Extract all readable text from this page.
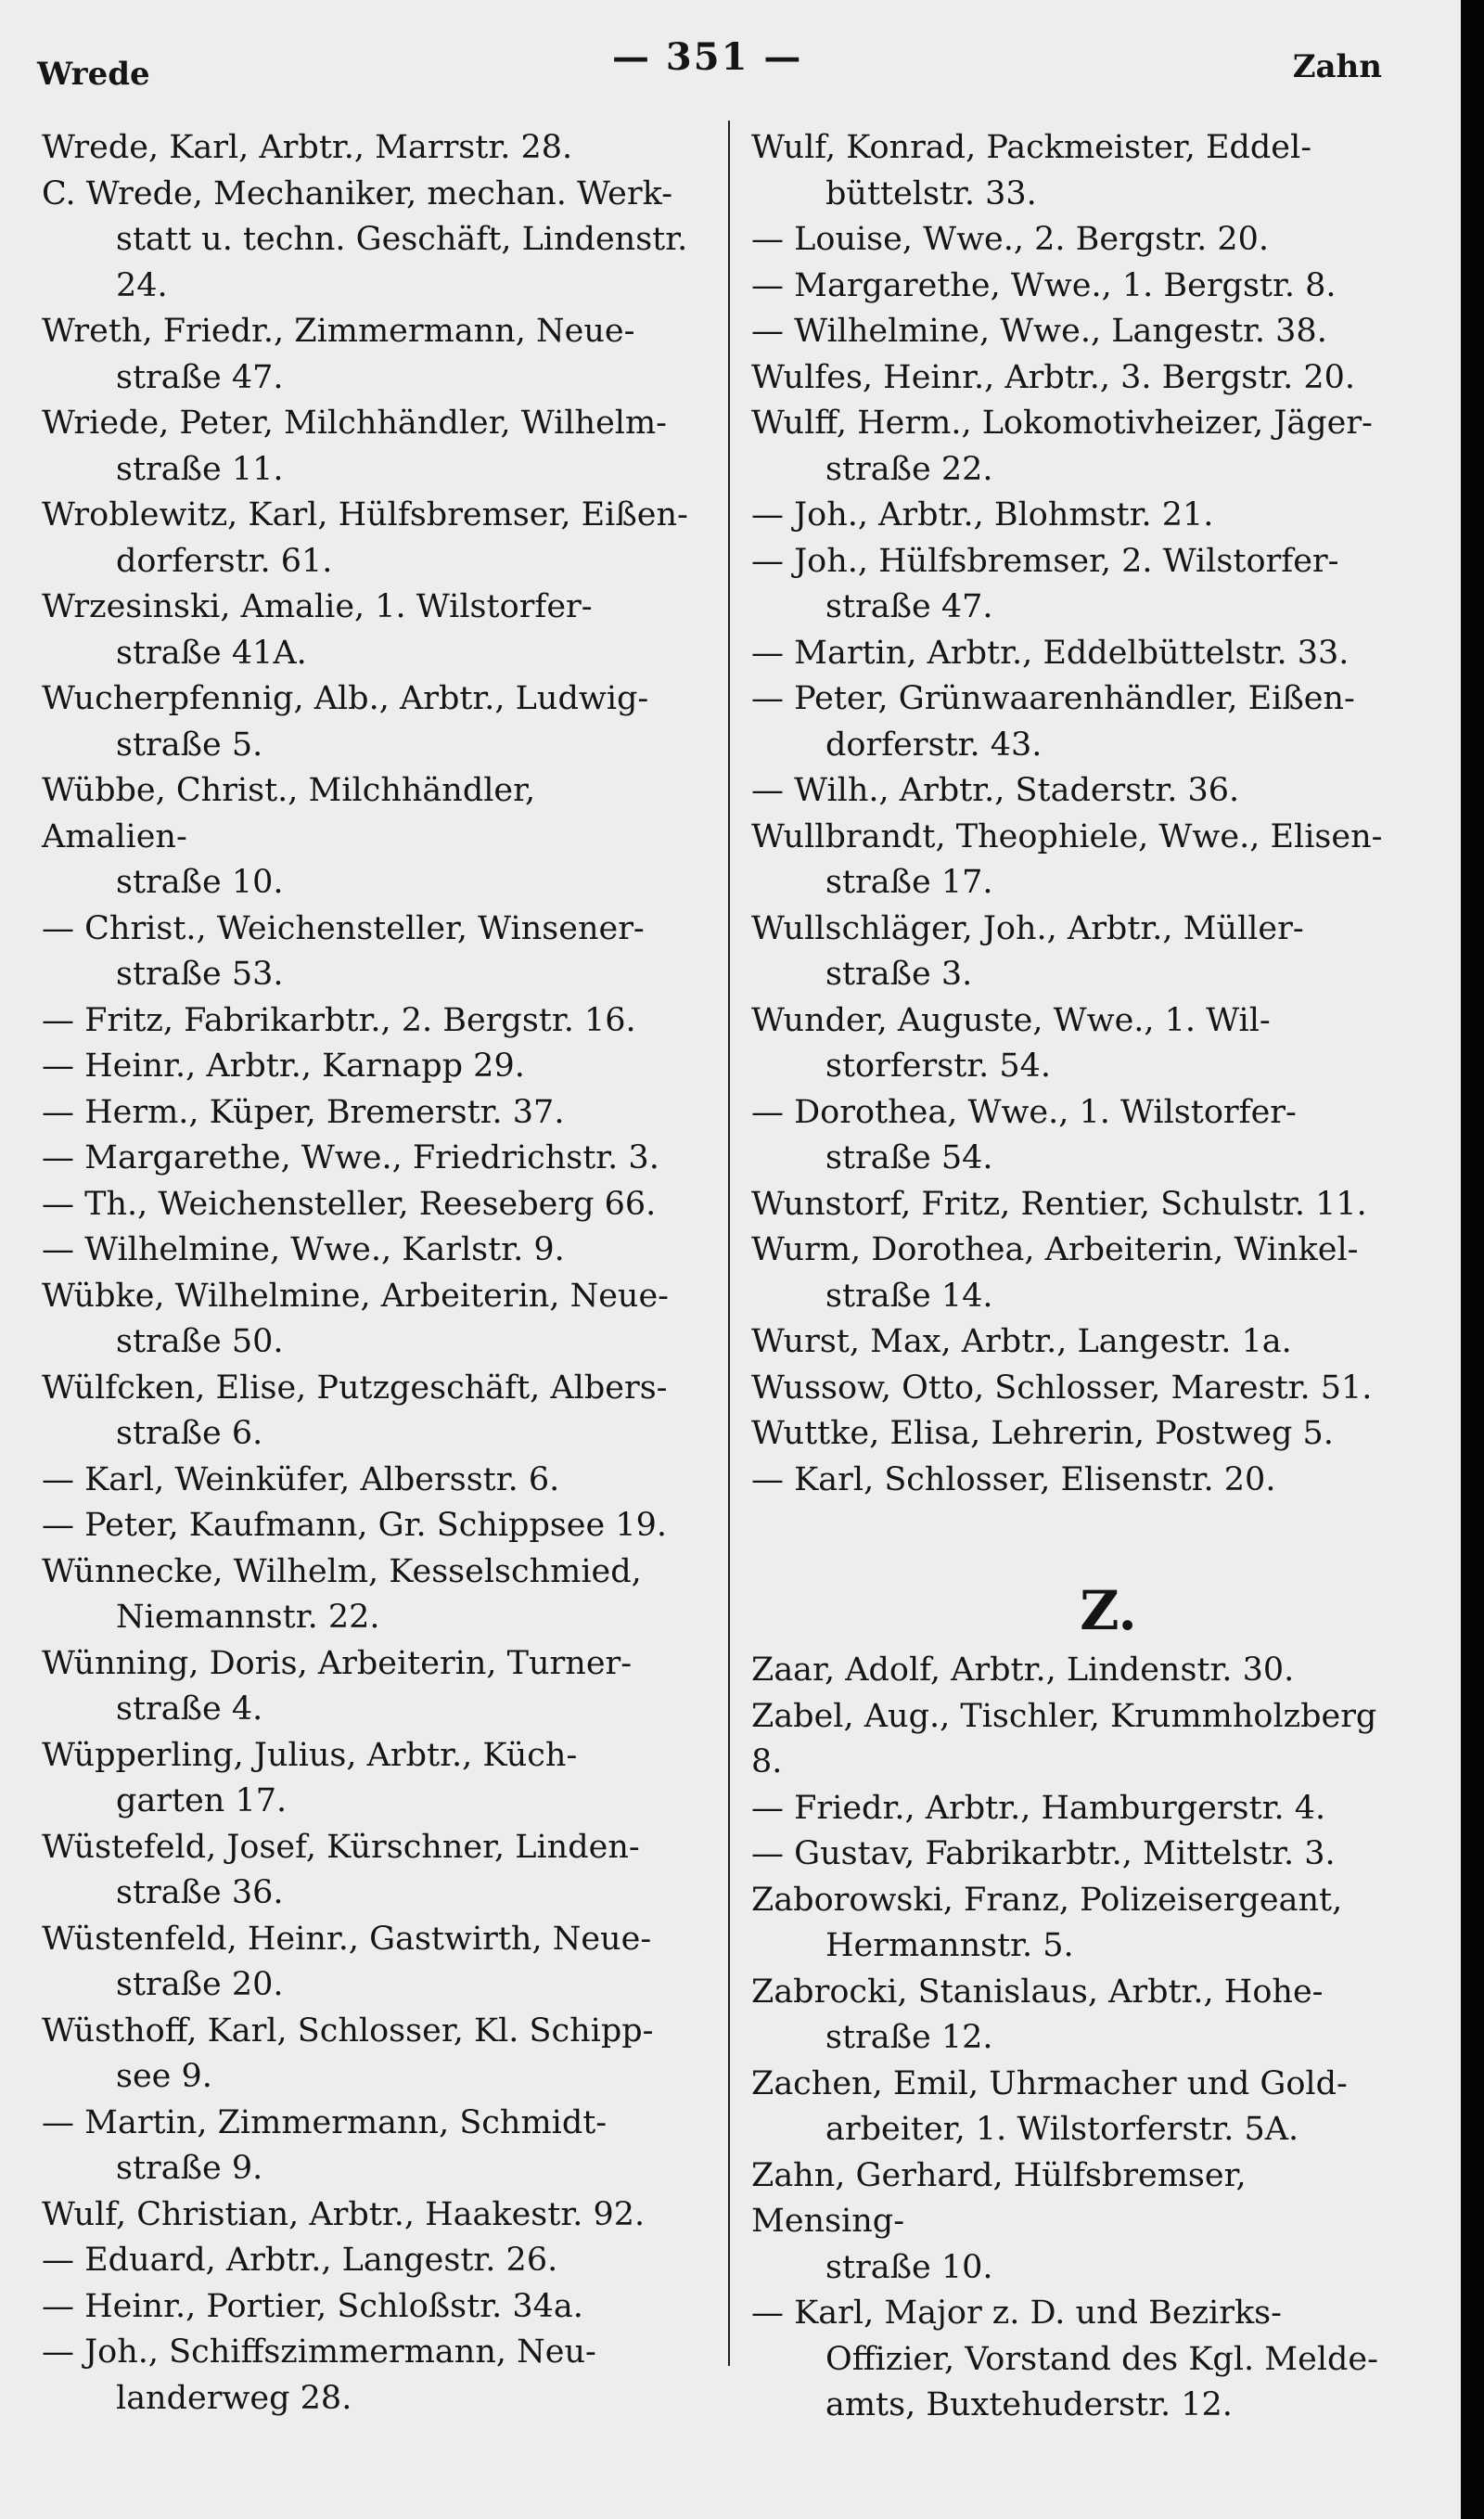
Wrede	— 351 —	Zahn
Wrede, Karl, Arbtr., Marrstr. 28.
C. Wrede, Mechaniker, mechan. Werk-
statt u. techn. Geschäft, Lindenstr. 24.
Wreth, Friedr., Zimmermann, Neue-
straße 47.
Wriede, Peter, Milchhändler, Wilhelm-
straße 11.
Wroblewitz, Karl, Hülfsbremser, Eißen-
dorferstr. 61.
Wrzesinski, Amalie, 1. Wilstorfer-
straße 41A.
Wucherpfennig, Alb., Arbtr., Ludwig-
straße 5.
Wübbe, Christ., Milchhändler, Amalien-
straße 10.
— Christ., Weichensteller, Winsener-
straße 53.
— Fritz, Fabrikarbtr., 2. Bergstr. 16.
— Heinr., Arbtr., Karnapp 29.
— Herm., Küper, Bremerstr. 37.
— Margarethe, Wwe., Friedrichstr. 3.
— Th., Weichensteller, Reeseberg 66.
— Wilhelmine, Wwe., Karlstr. 9.
Wübke, Wilhelmine, Arbeiterin, Neue-
straße 50.
Wülfcken, Elise, Putzgeschäft, Albers-
straße 6.
— Karl, Weinküfer, Albersstr. 6.
— Peter, Kaufmann, Gr. Schippsee 19.
Wünnecke, Wilhelm, Kesselschmied,
Niemannstr. 22.
Wünning, Doris, Arbeiterin, Turner-
straße 4.
Wüpperling, Julius, Arbtr., Küch-
garten 17.
Wüstefeld, Josef, Kürschner, Linden-
straße 36.
Wüstenfeld, Heinr., Gastwirth, Neue-
straße 20.
Wüsthoff, Karl, Schlosser, Kl. Schipp-
see 9.
— Martin, Zimmermann, Schmidt-
straße 9.
Wulf, Christian, Arbtr., Haakestr. 92.
— Eduard, Arbtr., Langestr. 26.
— Heinr., Portier, Schloßstr. 34a.
— Joh., Schiffszimmermann, Neu-
landerweg 28.
Wulf, Konrad, Packmeister, Eddel-
büttelstr. 33.
— Louise, Wwe., 2. Bergstr. 20.
— Margarethe, Wwe., 1. Bergstr. 8.
— Wilhelmine, Wwe., Langestr. 38.
Wulfes, Heinr., Arbtr., 3. Bergstr. 20.
Wulff, Herm., Lokomotivheizer, Jäger-
straße 22.
— Joh., Arbtr., Blohmstr. 21.
— Joh., Hülfsbremser, 2. Wilstorfer-
straße 47.
— Martin, Arbtr., Eddelbüttelstr. 33.
— Peter, Grünwaarenhändler, Eißen-
dorferstr. 43.
— Wilh., Arbtr., Staderstr. 36.
Wullbrandt, Theophiele, Wwe., Elisen-
straße 17.
Wullschläger, Joh., Arbtr., Müller-
straße 3.
Wunder, Auguste, Wwe., 1. Wil-
storferstr. 54.
— Dorothea, Wwe., 1. Wilstorfer-
straße 54.
Wunstorf, Fritz, Rentier, Schulstr. 11.
Wurm, Dorothea, Arbeiterin, Winkel-
straße 14.
Wurst, Max, Arbtr., Langestr. 1a.
Wussow, Otto, Schlosser, Marestr. 51.
Wuttke, Elisa, Lehrerin, Postweg 5.
— Karl, Schlosser, Elisenstr. 20.
Z.
Zaar, Adolf, Arbtr., Lindenstr. 30.
Zabel, Aug., Tischler, Krummholzberg 8.
— Friedr., Arbtr., Hamburgerstr. 4.
— Gustav, Fabrikarbtr., Mittelstr. 3.
Zaborowski, Franz, Polizeisergeant,
Hermannstr. 5.
Zabrocki, Stanislaus, Arbtr., Hohe-
straße 12.
Zachen, Emil, Uhrmacher und Gold-
arbeiter, 1. Wilstorferstr. 5A.
Zahn, Gerhard, Hülfsbremser, Mensing-
straße 10.
— Karl, Major z. D. und Bezirks-
Offizier, Vorstand des Kgl. Melde-
amts, Buxtehuderstr. 12.
